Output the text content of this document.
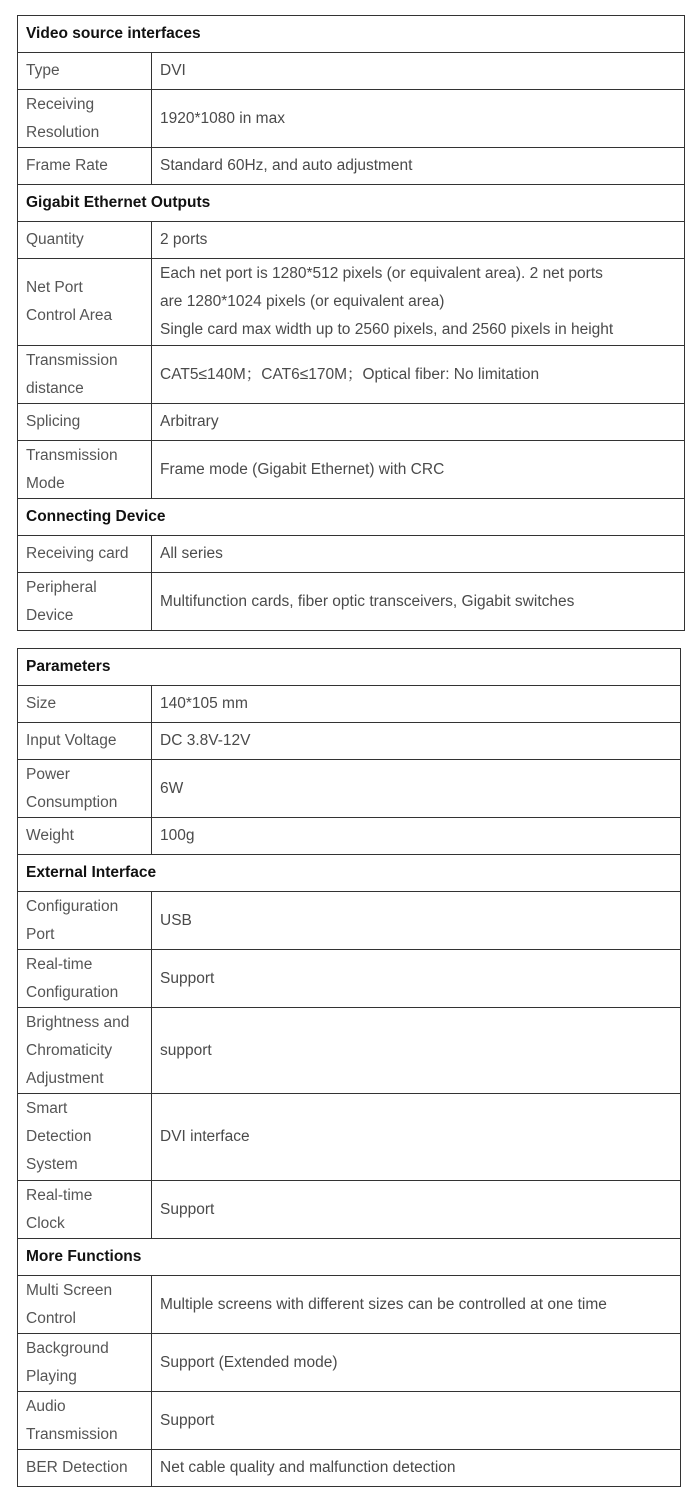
Video source interfaces	

Type	DVI

Receiving
Resolution	1920*1080 in max

Frame Rate	Standard 60Hz, and auto adjustment

Gigabit Ethernet Outputs	

Quantity	2 ports

Net Port
Control Area	Each net port is 1280*512 pixels (or equivalent area). 2 net ports
are 1280*1024 pixels (or equivalent area)
Single card max width up to 2560 pixels, and 2560 pixels in height

Transmission
distance	CAT5≤140M；CAT6≤170M；Optical fiber: No limitation

Splicing	Arbitrary

Transmission
Mode	Frame mode (Gigabit Ethernet) with CRC

Connecting Device	

Receiving card	All series

Peripheral
Device	Multifunction cards, fiber optic transceivers, Gigabit switches
Parameters	

Size	140*105 mm

Input Voltage	DC 3.8V-12V

Power
Consumption	6W

Weight	100g

External Interface	

Configuration
Port	USB

Real-time
Configuration	Support

Brightness and
Chromaticity
Adjustment	support

Smart
Detection
System	DVI interface

Real-time
Clock	Support

More Functions	

Multi Screen
Control	Multiple screens with different sizes can be controlled at one time

Background
Playing	Support (Extended mode)

Audio
Transmission	Support

BER Detection	Net cable quality and malfunction detection
